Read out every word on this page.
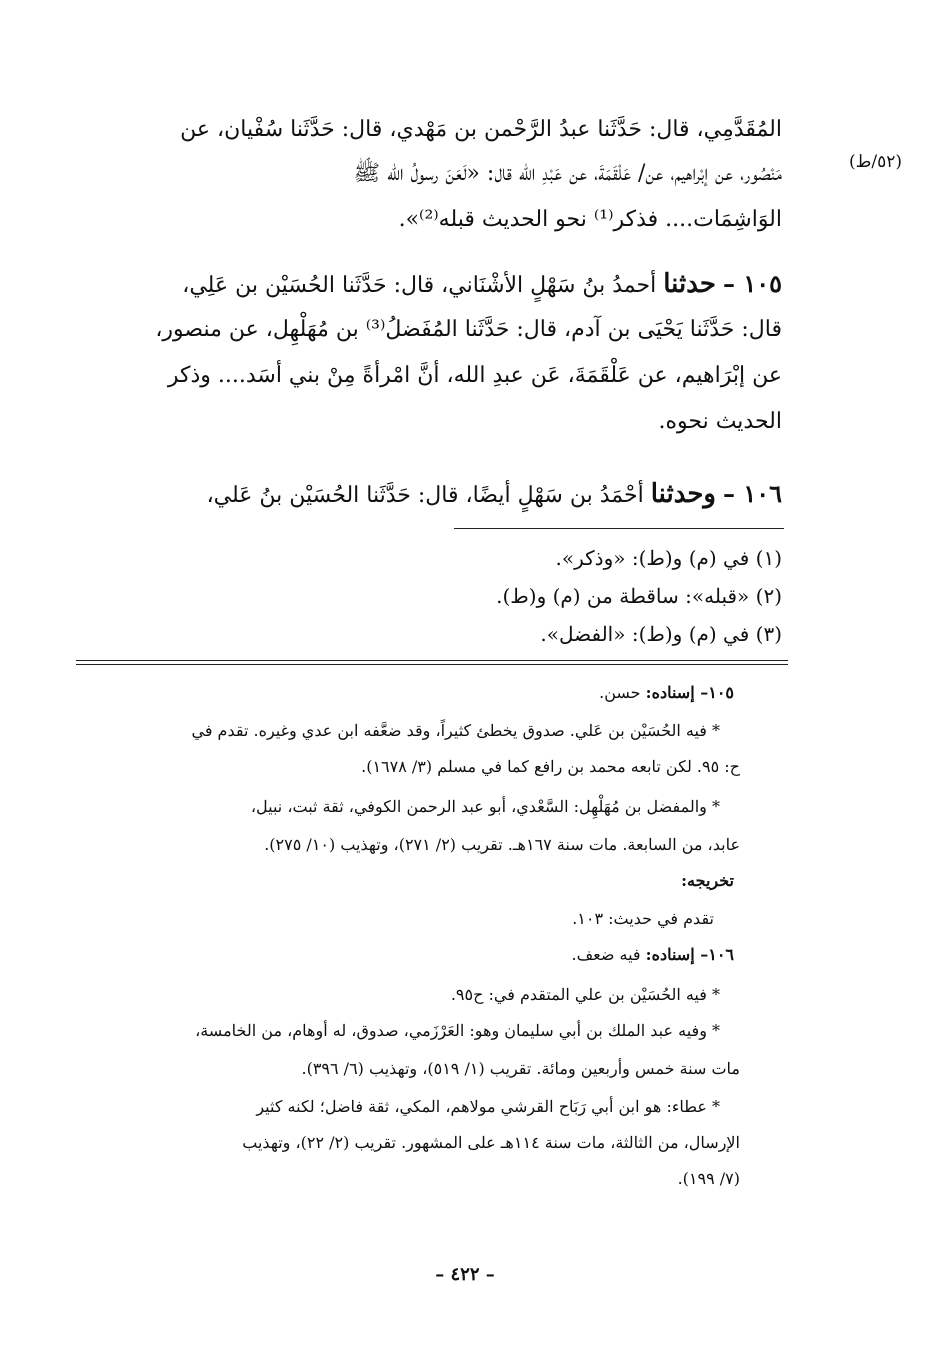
(٥٢/ط)
المُقَدَّمِي، قال: حَدَّثَنا عبدُ الرَّحْمن بن مَهْدي، قال: حَدَّثَنا سُفْيان، عن
مَنْصُور، عن إبْراهيم، عن/ عَلْقَمَةَ، عن عَبْدِ الله قال: «لَعَنَ رسولُ الله ﷺ
الوَاشِمَات.... فذكر⁽¹⁾ نحو الحديث قبله⁽²⁾».
١٠٥ – حدثنا أحمدُ بنُ سَهْلٍ الأشْنَاني، قال: حَدَّثَنا الحُسَيْن بن عَلِي،
قال: حَدَّثَنا يَحْيَى بن آدم، قال: حَدَّثَنا المُفَضلُ⁽³⁾ بن مُهَلْهِل، عن منصور،
عن إبْرَاهيم، عن عَلْقَمَةَ، عَن عبدِ الله، أنَّ امْرأةً مِنْ بني أسَد.... وذكر
الحديث نحوه.
١٠٦ – وحدثنا أحْمَدُ بن سَهْلٍ أيضًا، قال: حَدَّثَنا الحُسَيْن بنُ عَلي،
(١) في (م) و(ط): «وذكر».
(٢) «قبله»: ساقطة من (م) و(ط).
(٣) في (م) و(ط): «الفضل».
١٠٥– إسناده: حسن.
* فيه الحُسَيْن بن عَلي. صدوق يخطئ كثيراً، وقد ضعَّفه ابن عدي وغيره. تقدم في
ح: ٩٥. لكن تابعه محمد بن رافع كما في مسلم (٣/ ١٦٧٨).
* والمفضل بن مُهَلْهِل: السَّعْدي، أبو عبد الرحمن الكوفي، ثقة ثبت، نبيل،
عابد، من السابعة. مات سنة ١٦٧هـ. تقريب (٢/ ٢٧١)، وتهذيب (١٠/ ٢٧٥).
تخريجه:
تقدم في حديث: ١٠٣.
١٠٦– إسناده: فيه ضعف.
* فيه الحُسَيْن بن علي المتقدم في: ح٩٥.
* وفيه عبد الملك بن أبي سليمان وهو: العَرْزَمي، صدوق، له أوهام، من الخامسة،
مات سنة خمس وأربعين ومائة. تقريب (١/ ٥١٩)، وتهذيب (٦/ ٣٩٦).
* عطاء: هو ابن أبي رَبَاح القرشي مولاهم، المكي، ثقة فاضل؛ لكنه كثير
الإرسال، من الثالثة، مات سنة ١١٤هـ على المشهور. تقريب (٢/ ٢٢)، وتهذيب
(٧/ ١٩٩).
– ٤٢٢ –
